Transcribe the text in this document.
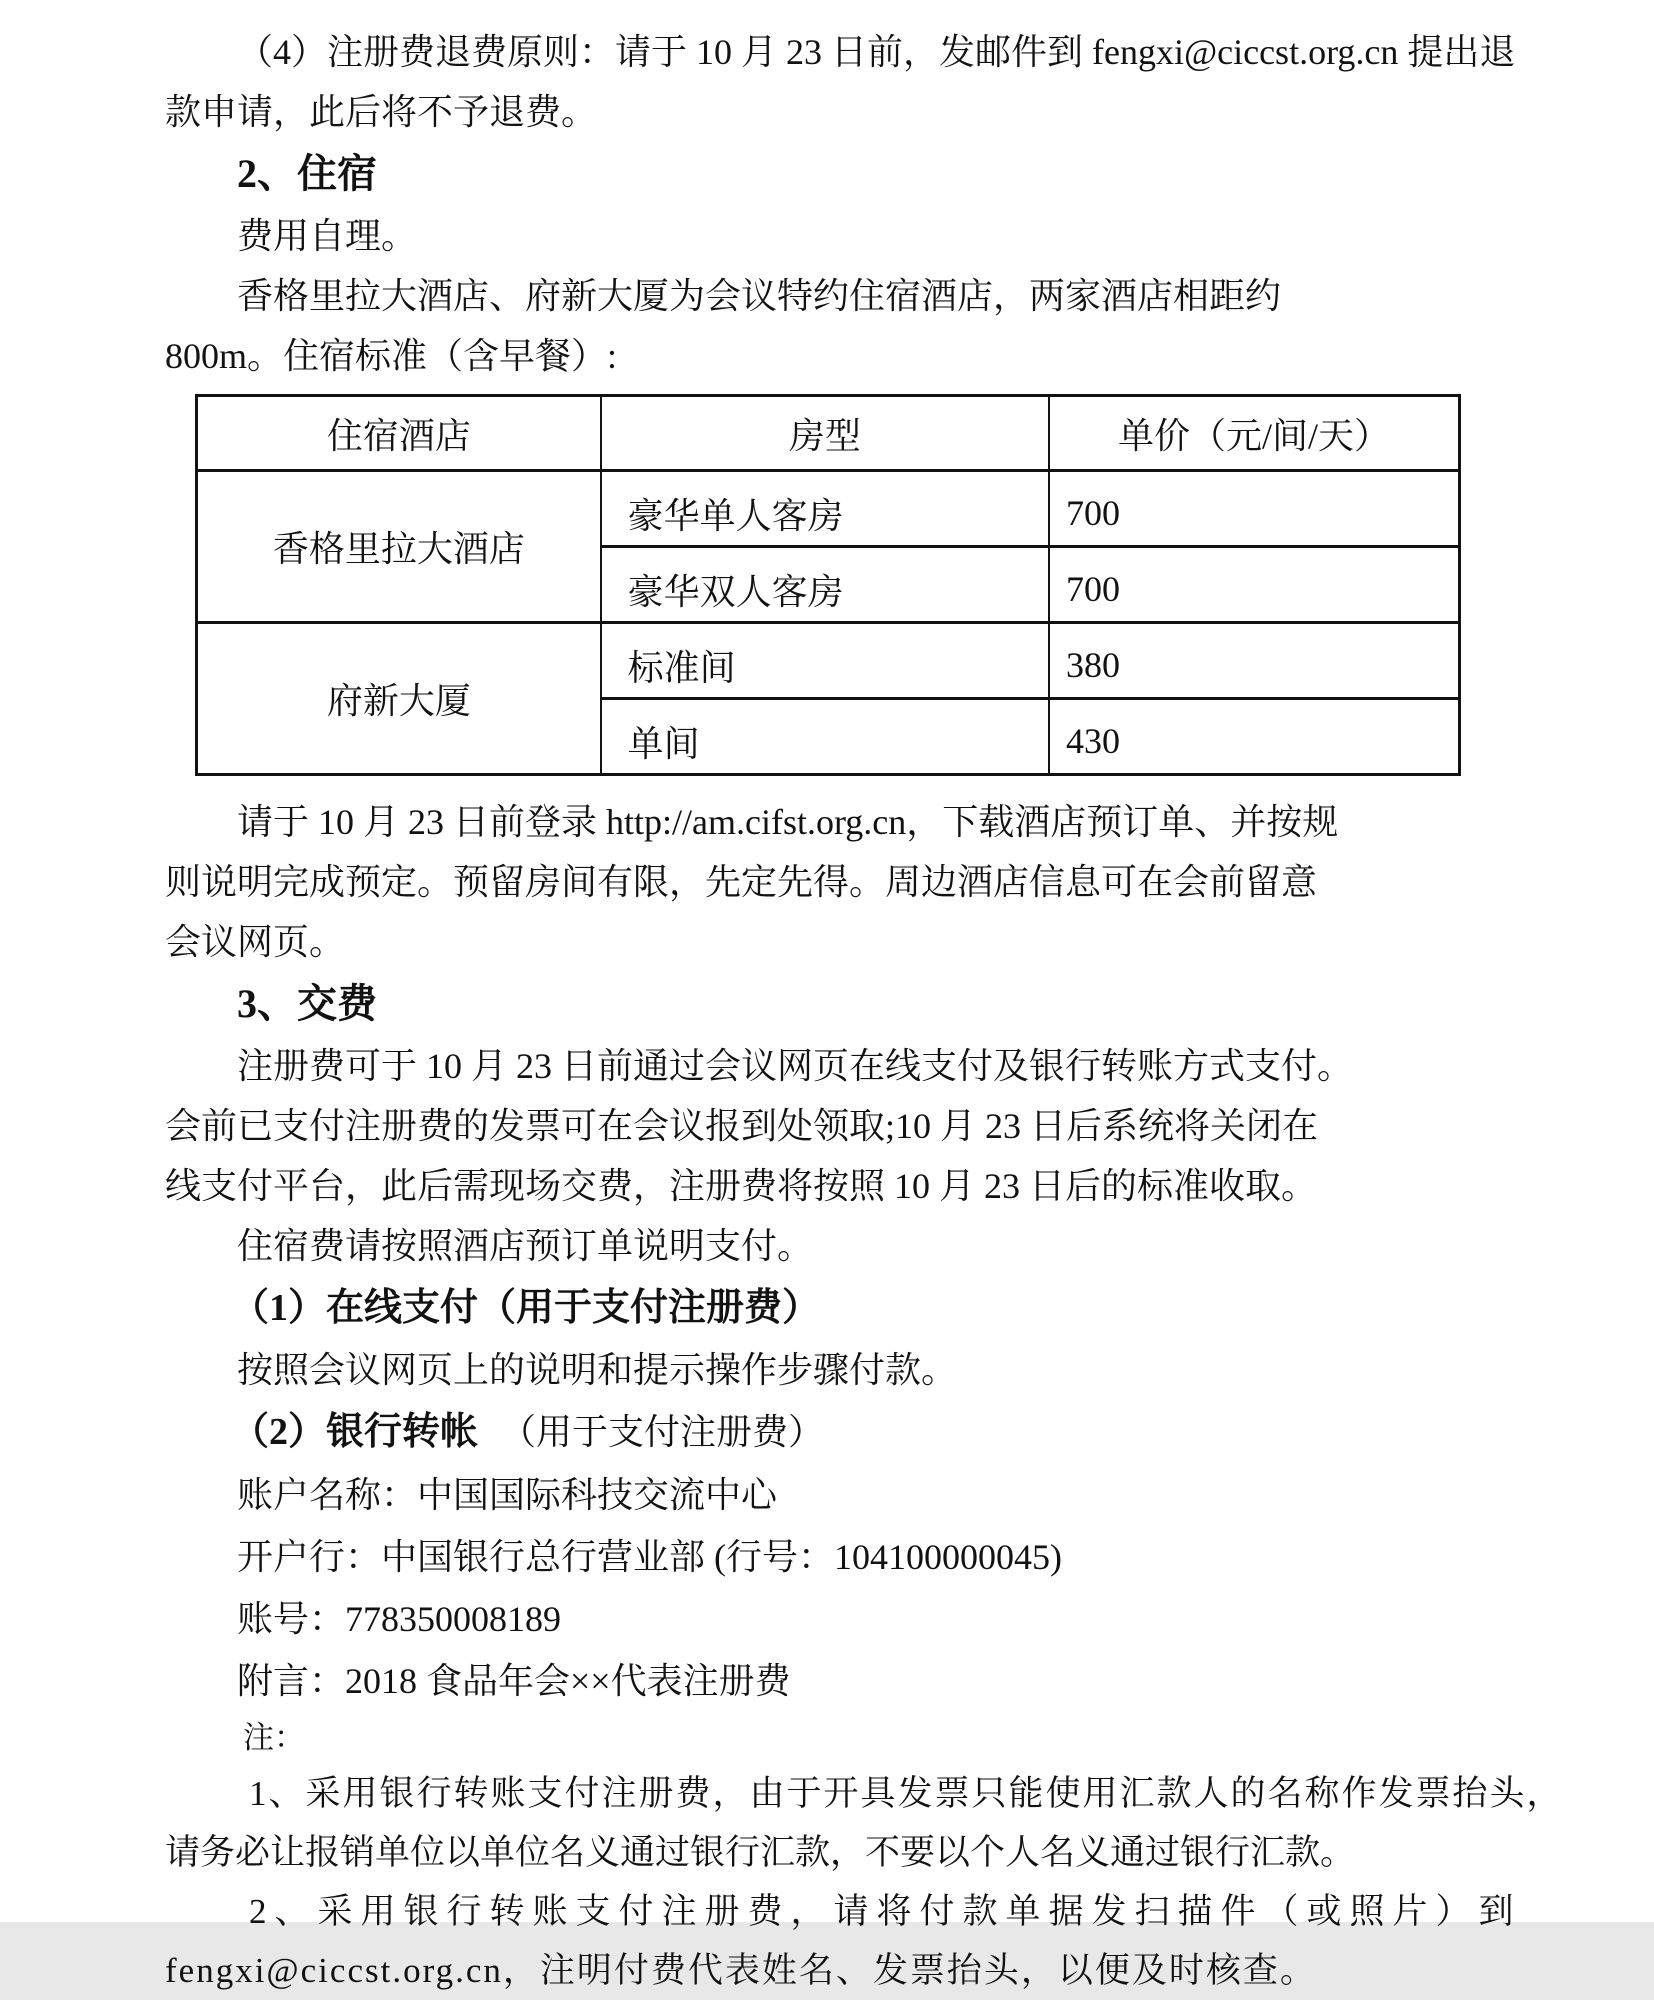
（4）注册费退费原则：请于 10 月 23 日前，发邮件到 fengxi@ciccst.org.cn 提出退
款申请，此后将不予退费。
2、住宿
费用自理。
香格里拉大酒店、府新大厦为会议特约住宿酒店，两家酒店相距约
800m。住宿标准（含早餐）:
住宿酒店	房型	单价（元/间/天）
香格里拉大酒店	豪华单人客房	700
	豪华双人客房	700
府新大厦	标准间	380
	单间	430
请于 10 月 23 日前登录 http://am.cifst.org.cn，下载酒店预订单、并按规
则说明完成预定。预留房间有限，先定先得。周边酒店信息可在会前留意
会议网页。
3、交费
注册费可于 10 月 23 日前通过会议网页在线支付及银行转账方式支付。
会前已支付注册费的发票可在会议报到处领取;10 月 23 日后系统将关闭在
线支付平台，此后需现场交费，注册费将按照 10 月 23 日后的标准收取。
住宿费请按照酒店预订单说明支付。
（1）在线支付（用于支付注册费）
按照会议网页上的说明和提示操作步骤付款。
（2）银行转帐 （用于支付注册费）
账户名称：中国国际科技交流中心
开户行：中国银行总行营业部 (行号：104100000045)
账号：778350008189
附言：2018 食品年会××代表注册费
注：
1、采用银行转账支付注册费，由于开具发票只能使用汇款人的名称作发票抬头，
请务必让报销单位以单位名义通过银行汇款，不要以个人名义通过银行汇款。
2、采用银行转账支付注册费，请将付款单据发扫描件（或照片）到
fengxi@ciccst.org.cn，注明付费代表姓名、发票抬头，以便及时核查。
